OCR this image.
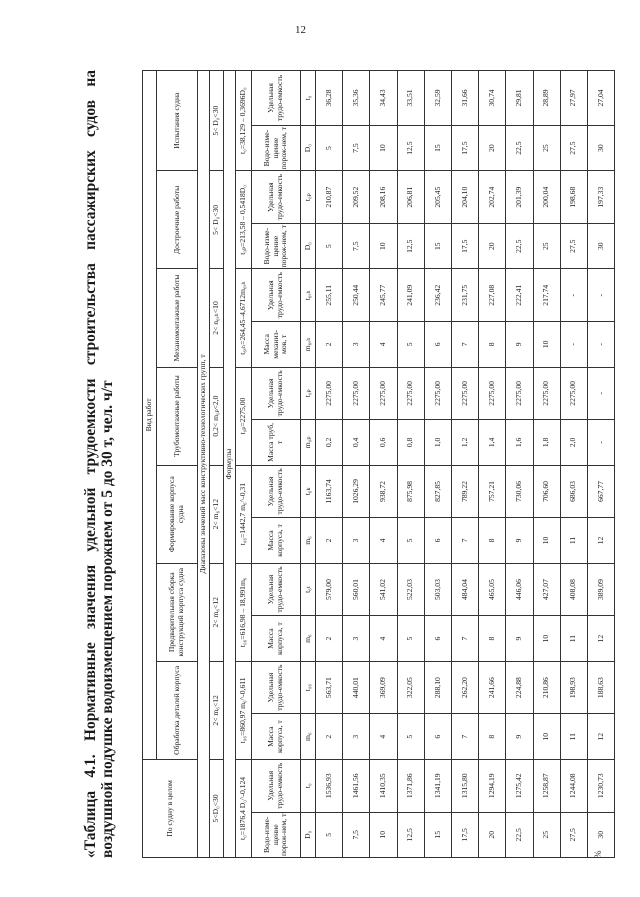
12
%
«Таблица 4.1. Нормативные значения удельной трудоемкости строительства пассажирских судов на воздушной подушке водоизмещением порожнем от 5 до 30 т, чел. ч/т	По судну в целом		Вид работ													
		Обработка деталей корпуса		Предварительная сборка конструкций корпуса судна		Формирование корпуса судна		Трубомонтажные работы		Механомонтажные работы		Достроечные работы		Испытания судна	
Диапазоны значений масс конструктивно-технологических групп, т															
5<D₀<30		2< m₆<12		2< m₆<12		2< m₆<12		0,2< m₀ₚ<2,0		2< n₆ₑₕ<10		5< D₀<30		5< D₀<30	
Формулы															
t₀=1876,4 D₀^-0,124		t₀₆=860,97 m₆^-0,611		t₀₆=616,98 – 18,991m₆		t₀₆=1442,7 m₆^-0,31		t₀ₚ=2275,00		t₆ₑₕ=264,45–4,6712m₆ₑₕ		t₀ₚ=213,58 – 0,5418D₀		t₀=38,129 – 0,3696D₀	
Водо-изме-щение порож-нем, т	Удельная трудо-емкость	Масса корпуса, т	Удельная трудо-емкость	Масса корпуса, т	Удельная трудо-емкость	Масса корпуса, т	Удельная трудо-емкость	Масса труб, т	Удельная трудо-емкость	Масса механиз-мов, т	Удельная трудо-емкость	Водо-изме-щение порож-нем, т	Удельная трудо-емкость	Водо-изме-щение порож-нем, т	Удельная трудо-емкость
D₀	t₀	m₆	t₀₆	m₆	t₆ₜ	m₆	t₆ₖ	m₀ₚ	t₀ₚ	m₆ₑₕ	t₆ₑₕ	D₀	t₀ₚ	D₀	t₀
5	1536,93	2	563,71	2	579,00	2	1163,74	0,2	2275,00	2	255,11	5	210,87	5	36,28
7,5	1461,56	3	440,01	3	560,01	3	1026,29	0,4	2275,00	3	250,44	7,5	209,52	7,5	35,36
10	1410,35	4	369,09	4	541,02	4	938,72	0,6	2275,00	4	245,77	10	208,16	10	34,43
12,5	1371,86	5	322,05	5	522,03	5	875,98	0,8	2275,00	5	241,09	12,5	206,81	12,5	33,51
15	1341,19	6	288,10	6	503,03	6	827,85	1,0	2275,00	6	236,42	15	205,45	15	32,59
17,5	1315,80	7	262,20	7	484,04	7	789,22	1,2	2275,00	7	231,75	17,5	204,10	17,5	31,66
20	1294,19	8	241,66	8	465,05	8	757,21	1,4	2275,00	8	227,08	20	202,74	20	30,74
22,5	1275,42	9	224,88	9	446,06	9	730,06	1,6	2275,00	9	222,41	22,5	201,39	22,5	29,81
25	1258,87	10	210,86	10	427,07	10	706,60	1,8	2275,00	10	217,74	25	200,04	25	28,89
27,5	1244,08	11	198,93	11	408,08	11	686,03	2,0	2275,00	-	-	27,5	198,68	27,5	27,97
30	1230,73	12	188,63	12	389,09	12	667,77	-	-	-	-	30	197,33	30	27,04
